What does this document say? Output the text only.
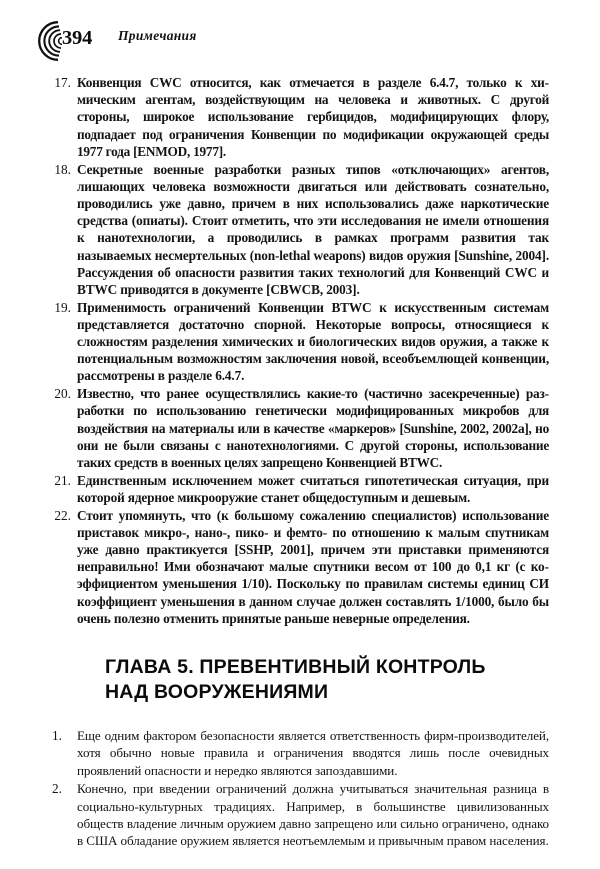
394 Примечания
17. Конвенция CWC относится, как отмечается в разделе 6.4.7, только к химическим агентам, воздействующим на человека и животных. С другой стороны, широкое использование гербицидов, модифицирующих флору, подпадает под ограничения Конвенции по модификации окружающей среды 1977 года [ENMOD, 1977].
18. Секретные военные разработки разных типов «отключающих» агентов, лишающих человека возможности двигаться или действовать сознательно, проводились уже давно, причем в них использовались даже наркотические средства (опиаты). Стоит отметить, что эти исследования не имели отношения к нанотехнологии, а проводились в рамках программ развития так называемых несмертельных (non-lethal weapons) видов оружия [Sunshine, 2004]. Рассуждения об опасности развития таких технологий для Конвенций CWC и BTWC приводятся в документе [CBWCB, 2003].
19. Применимость ограничений Конвенции BTWC к искусственным системам представляется достаточно спорной. Некоторые вопросы, относящиеся к сложностям разделения химических и биологических видов оружия, а также к потенциальным возможностям заключения новой, всеобъемлющей конвенции, рассмотрены в разделе 6.4.7.
20. Известно, что ранее осуществлялись какие-то (частично засекреченные) разработки по использованию генетически модифицированных микробов для воздействия на материалы или в качестве «маркеров» [Sunshine, 2002, 2002a], но они не были связаны с нанотехнологиями. С другой стороны, использование таких средств в военных целях запрещено Конвенцией BTWC.
21. Единственным исключением может считаться гипотетическая ситуация, при которой ядерное микрооружие станет общедоступным и дешевым.
22. Стоит упомянуть, что (к большому сожалению специалистов) использование приставок микро-, нано-, пико- и фемто- по отношению к малым спутникам уже давно практикуется [SSHP, 2001], причем эти приставки применяются неправильно! Ими обозначают малые спутники весом от 100 до 0,1 кг (с коэффициентом уменьшения 1/10). Поскольку по правилам системы единиц СИ коэффициент уменьшения в данном случае должен составлять 1/1000, было бы очень полезно отменить принятые раньше неверные определения.
ГЛАВА 5. ПРЕВЕНТИВНЫЙ КОНТРОЛЬ
НАД ВООРУЖЕНИЯМИ
1.	Еще одним фактором безопасности является ответственность фирм-производителей, хотя обычно новые правила и ограничения вводятся лишь после очевидных проявлений опасности и нередко являются запоздавшими.
2.	Конечно, при введении ограничений должна учитываться значительная разница в социально-культурных традициях. Например, в большинстве цивилизованных обществ владение личным оружием давно запрещено или сильно ограничено, однако в США обладание оружием является неотъемлемым и привычным правом населения.
